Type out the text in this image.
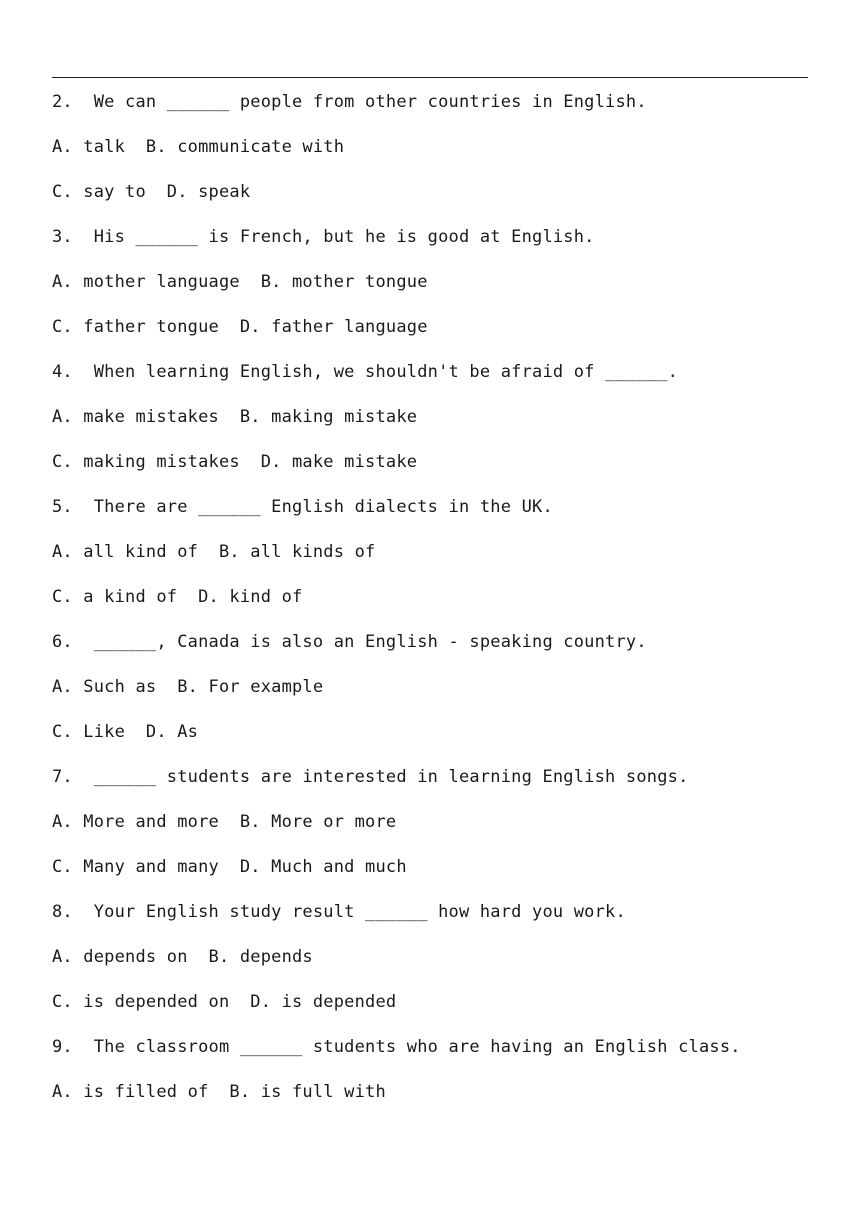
2.  We can ______ people from other countries in English.
A. talk  B. communicate with
C. say to  D. speak
3.  His ______ is French, but he is good at English.
A. mother language  B. mother tongue
C. father tongue  D. father language
4.  When learning English, we shouldn't be afraid of ______.
A. make mistakes  B. making mistake
C. making mistakes  D. make mistake
5.  There are ______ English dialects in the UK.
A. all kind of  B. all kinds of
C. a kind of  D. kind of
6.  ______, Canada is also an English - speaking country.
A. Such as  B. For example
C. Like  D. As
7.  ______ students are interested in learning English songs.
A. More and more  B. More or more
C. Many and many  D. Much and much
8.  Your English study result ______ how hard you work.
A. depends on  B. depends
C. is depended on  D. is depended
9.  The classroom ______ students who are having an English class.
A. is filled of  B. is full with
